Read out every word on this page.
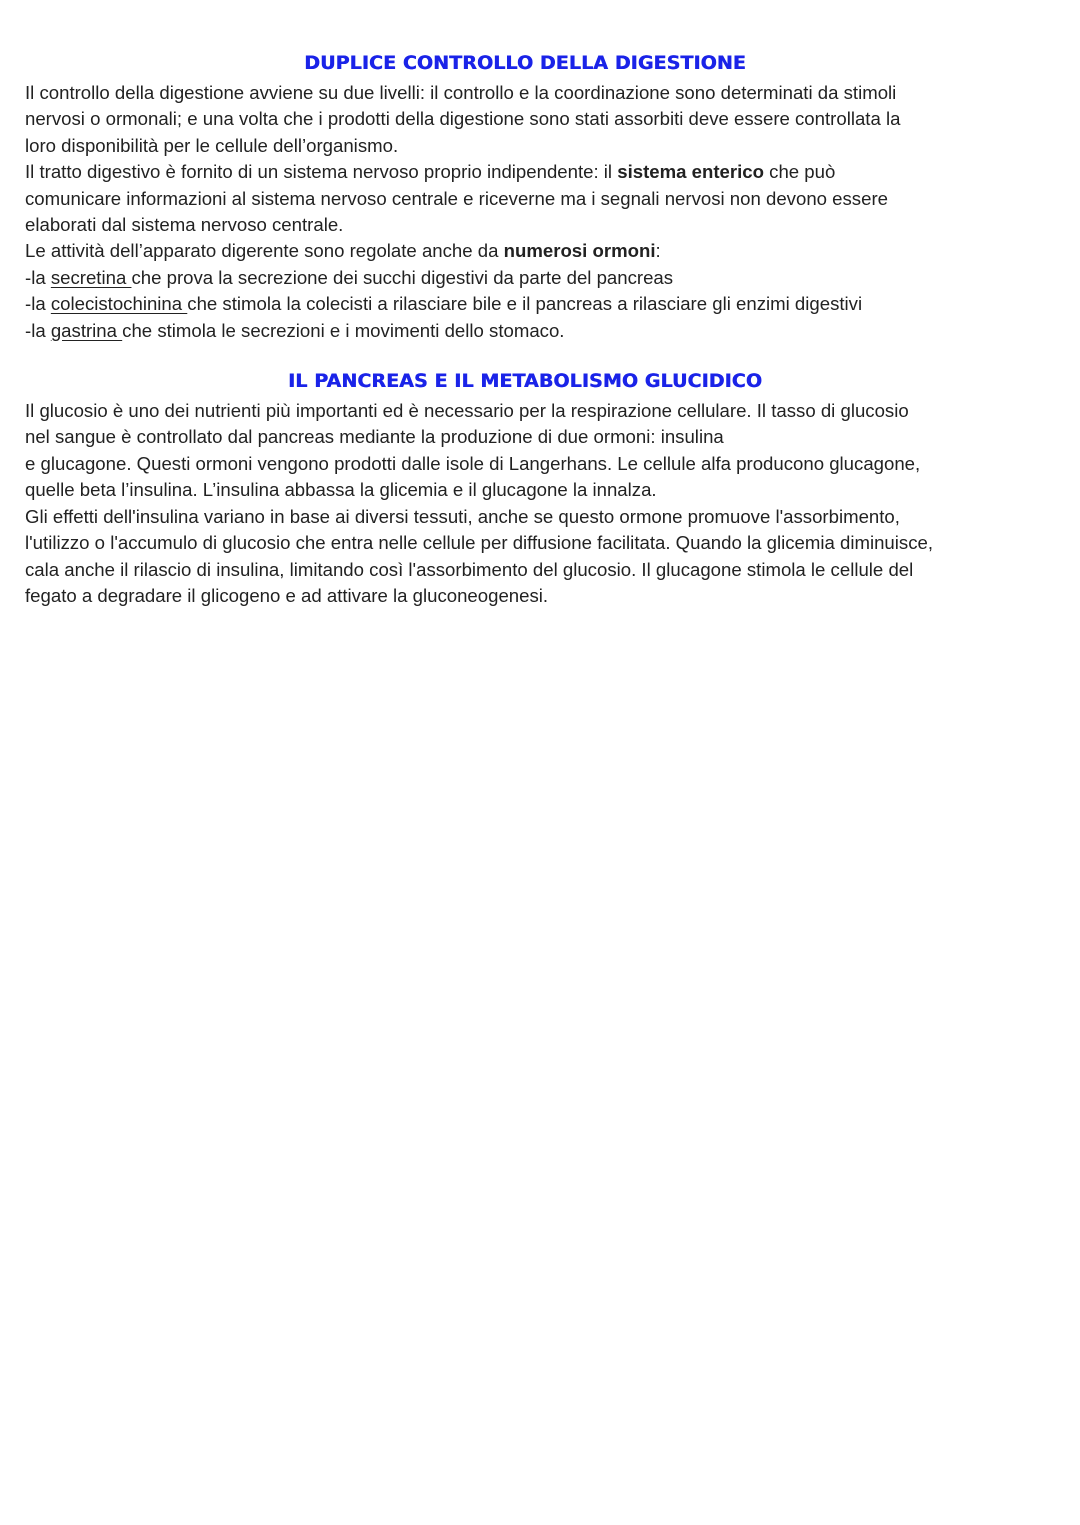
DUPLICE CONTROLLO DELLA DIGESTIONE
Il controllo della digestione avviene su due livelli: il controllo e la coordinazione sono determinati da stimoli
nervosi o ormonali; e una volta che i prodotti della digestione sono stati assorbiti deve essere controllata la
loro disponibilità per le cellule dell’organismo.
Il tratto digestivo è fornito di un sistema nervoso proprio indipendente: il sistema enterico che può
comunicare informazioni al sistema nervoso centrale e riceverne ma i segnali nervosi non devono essere
elaborati dal sistema nervoso centrale.
Le attività dell’apparato digerente sono regolate anche da numerosi ormoni:
-la secretina che prova la secrezione dei succhi digestivi da parte del pancreas
-la colecistochinina che stimola la colecisti a rilasciare bile e il pancreas a rilasciare gli enzimi digestivi
-la gastrina che stimola le secrezioni e i movimenti dello stomaco.
IL PANCREAS E IL METABOLISMO GLUCIDICO
Il glucosio è uno dei nutrienti più importanti ed è necessario per la respirazione cellulare. Il tasso di glucosio
nel sangue è controllato dal pancreas mediante la produzione di due ormoni: insulina
e glucagone. Questi ormoni vengono prodotti dalle isole di Langerhans. Le cellule alfa producono glucagone,
quelle beta l’insulina. L’insulina abbassa la glicemia e il glucagone la innalza.
Gli effetti dell'insulina variano in base ai diversi tessuti, anche se questo ormone promuove l'assorbimento,
l'utilizzo o l'accumulo di glucosio che entra nelle cellule per diffusione facilitata. Quando la glicemia diminuisce,
cala anche il rilascio di insulina, limitando così l'assorbimento del glucosio. Il glucagone stimola le cellule del
fegato a degradare il glicogeno e ad attivare la gluconeogenesi.
